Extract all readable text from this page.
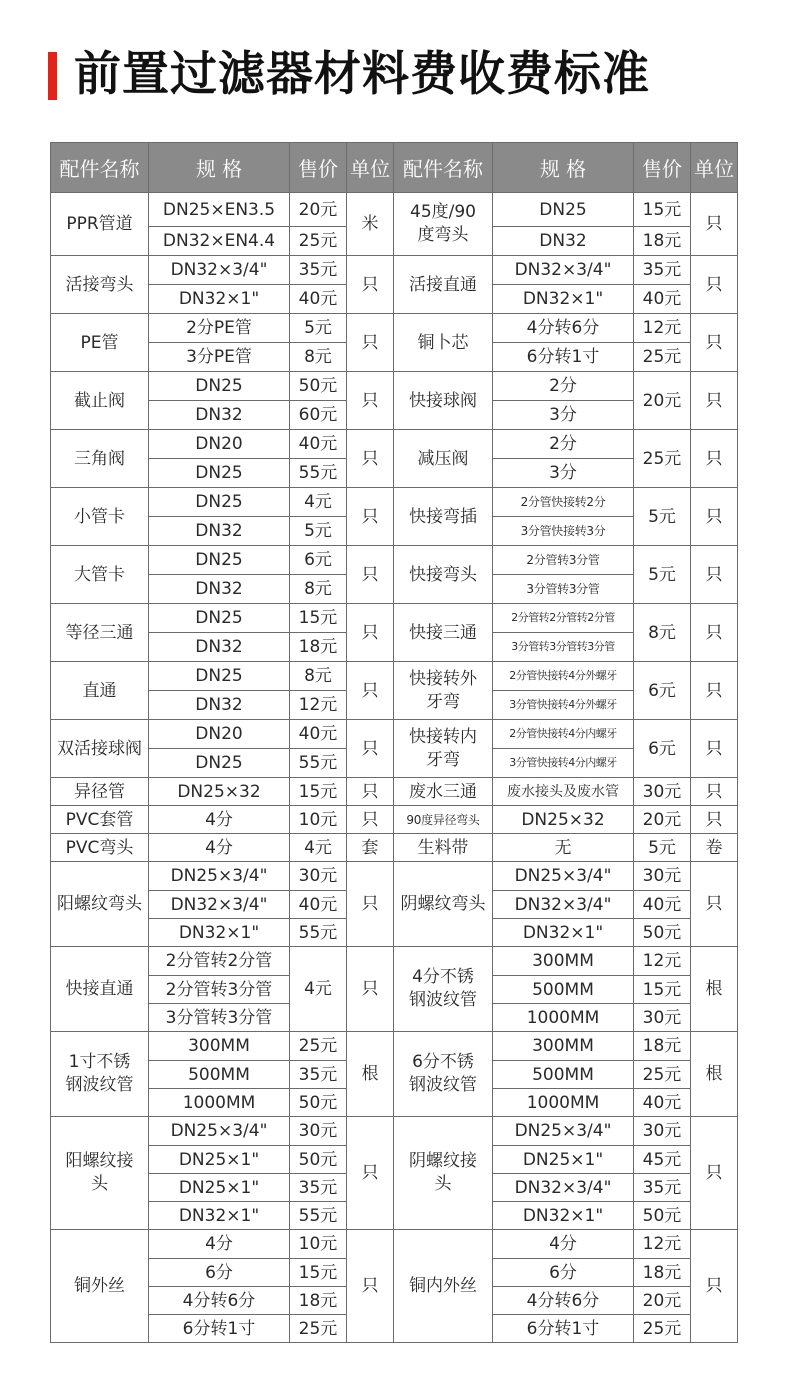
前置过滤器材料费收费标准
配件名称	规 格	售价	单位	配件名称	规 格	售价	单位
PPR管道	DN25×EN3.5	20元	米	45度/90度弯头	DN25	15元	只
	DN32×EN4.4	25元			DN32	18元	
活接弯头	DN32×3/4"	35元	只	活接直通	DN32×3/4"	35元	只
	DN32×1"	40元			DN32×1"	40元	
PE管	2分PE管	5元	只	铜卜芯	4分转6分	12元	只
	3分PE管	8元			6分转1寸	25元	
截止阀	DN25	50元	只	快接球阀	2分	20元	只
	DN32	60元			3分		
三角阀	DN20	40元	只	减压阀	2分	25元	只
	DN25	55元			3分		
小管卡	DN25	4元	只	快接弯插	2分管快接转2分	5元	只
	DN32	5元			3分管快接转3分		
大管卡	DN25	6元	只	快接弯头	2分管转3分管	5元	只
	DN32	8元			3分管转3分管		
等径三通	DN25	15元	只	快接三通	2分管转2分管转2分管	8元	只
	DN32	18元			3分管转3分管转3分管		
直通	DN25	8元	只	快接转外牙弯	2分管快接转4分外螺牙	6元	只
	DN32	12元			3分管快接转4分外螺牙		
双活接球阀	DN20	40元	只	快接转内牙弯	2分管快接转4分内螺牙	6元	只
	DN25	55元			3分管快接转4分内螺牙		
异径管	DN25×32	15元	只	废水三通	废水接头及废水管	30元	只
PVC套管	4分	10元	只	90度异径弯头	DN25×32	20元	只
PVC弯头	4分	4元	套	生料带	无	5元	卷
阳螺纹弯头	DN25×3/4"	30元	只	阴螺纹弯头	DN25×3/4"	30元	只
	DN32×3/4"	40元			DN32×3/4"	40元	
	DN32×1"	55元			DN32×1"	50元	
快接直通	2分管转2分管	4元	只	4分不锈钢波纹管	300MM	12元	根
	2分管转3分管				500MM	15元	
	3分管转3分管				1000MM	30元	
1寸不锈钢波纹管	300MM	25元	根	6分不锈钢波纹管	300MM	18元	根
	500MM	35元			500MM	25元	
	1000MM	50元			1000MM	40元	
阳螺纹接头	DN25×3/4"	30元	只	阴螺纹接头	DN25×3/4"	30元	只
	DN25×1"	50元			DN25×1"	45元	
	DN25×1"	35元			DN32×3/4"	35元	
	DN32×1"	55元			DN32×1"	50元	
铜外丝	4分	10元	只	铜内外丝	4分	12元	只
	6分	15元			6分	18元	
	4分转6分	18元			4分转6分	20元	
	6分转1寸	25元			6分转1寸	25元	
